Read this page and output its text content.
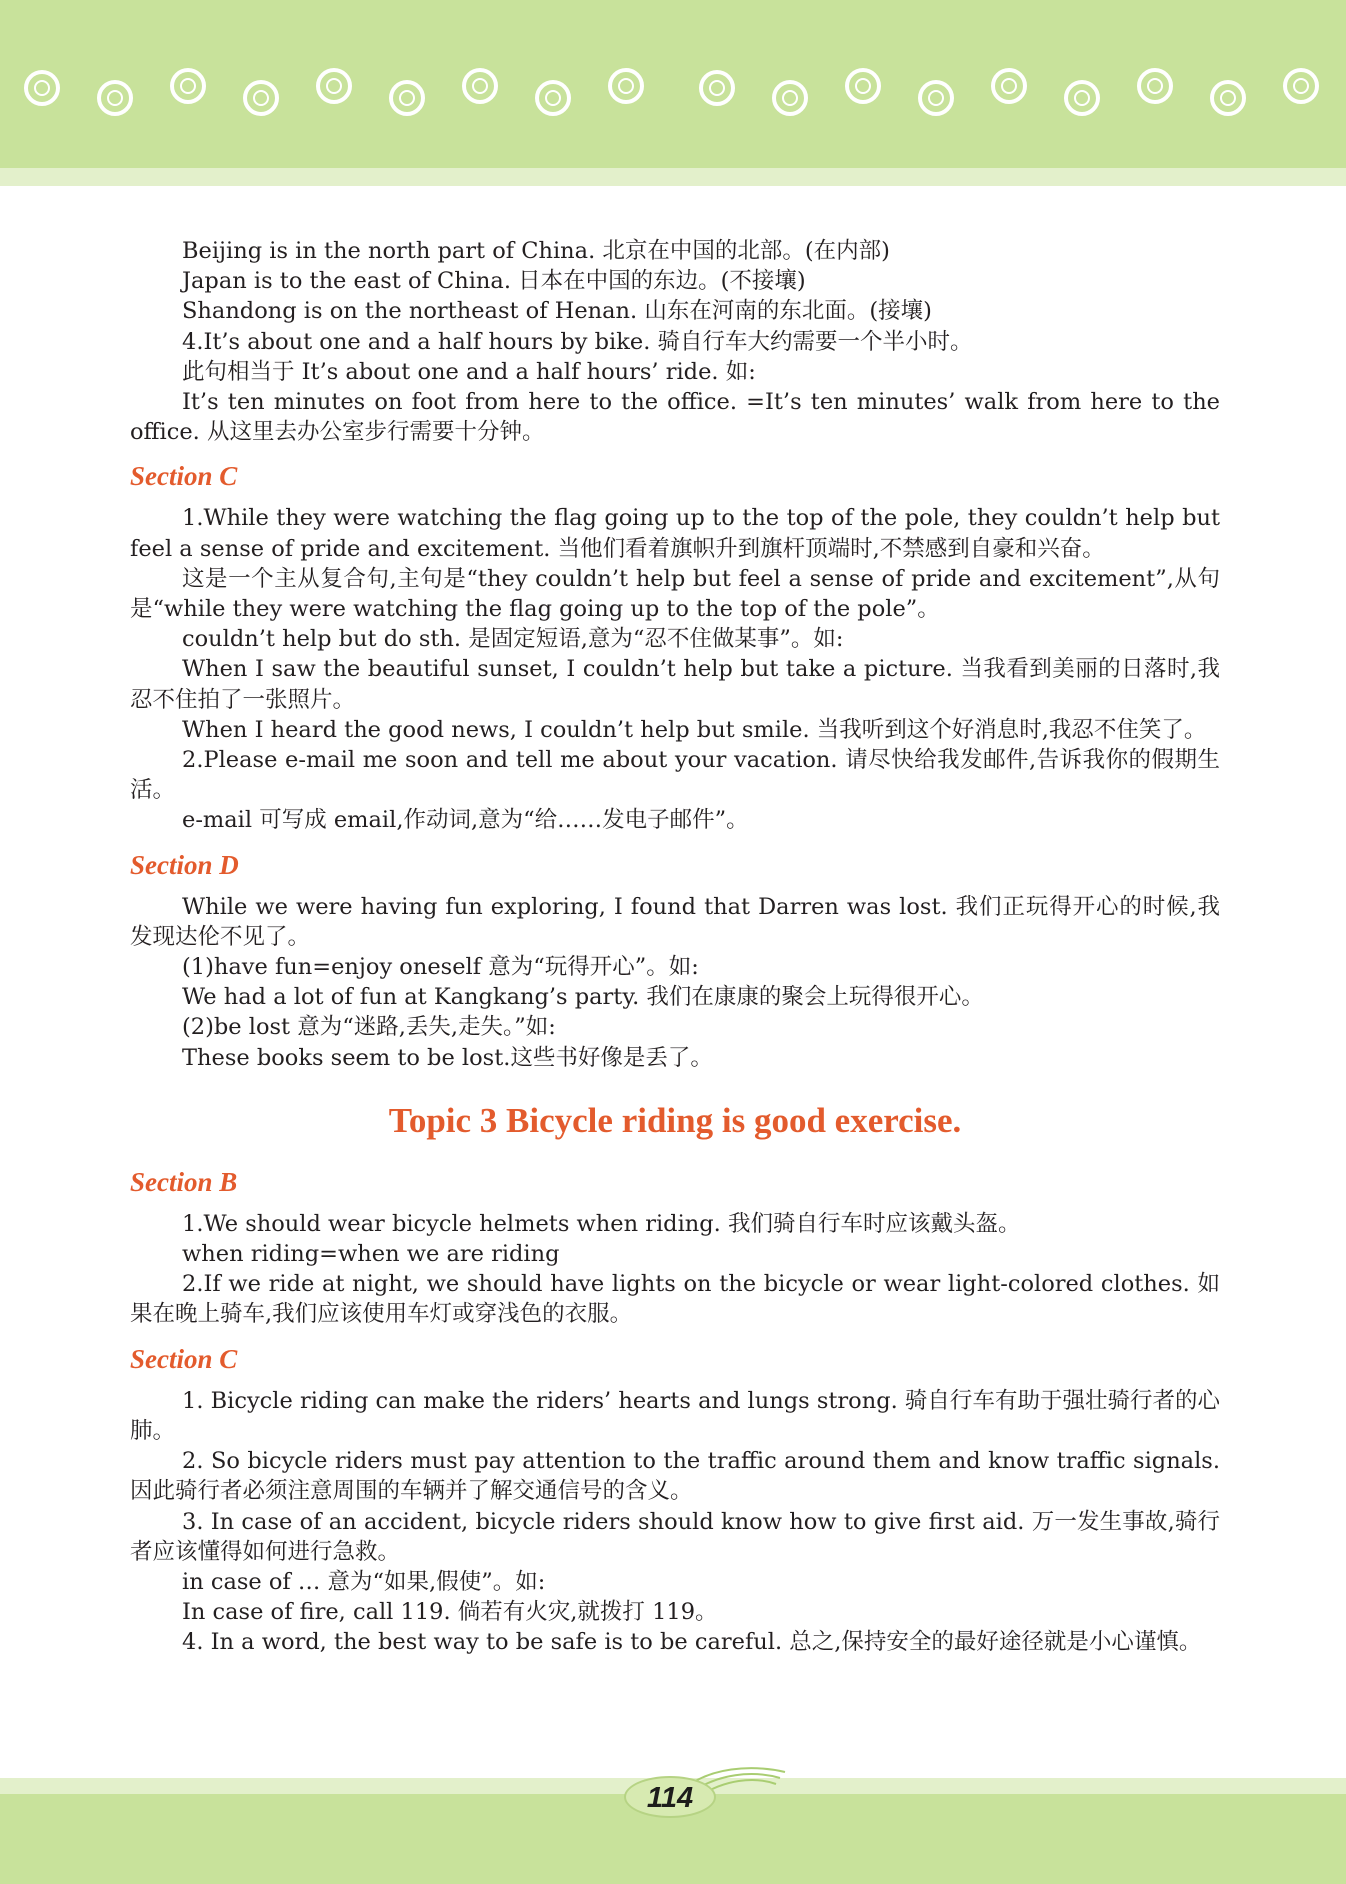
Beijing is in the north part of China. 北京在中国的北部。(在内部)

Japan is to the east of China. 日本在中国的东边。(不接壤)

Shandong is on the northeast of Henan. 山东在河南的东北面。(接壤)

4.It’s about one and a half hours by bike. 骑自行车大约需要一个半小时。

此句相当于 It’s about one and a half hours’ ride. 如:

It’s ten minutes on foot from here to the office. =It’s ten minutes’ walk from here to the office. 从这里去办公室步行需要十分钟。

Section C

1.While they were watching the flag going up to the top of the pole, they couldn’t help but feel a sense of pride and excitement. 当他们看着旗帜升到旗杆顶端时,不禁感到自豪和兴奋。

这是一个主从复合句,主句是“they couldn’t help but feel a sense of pride and excitement”,从句是“while they were watching the flag going up to the top of the pole”。

couldn’t help but do sth. 是固定短语,意为“忍不住做某事”。如:

When I saw the beautiful sunset, I couldn’t help but take a picture. 当我看到美丽的日落时,我忍不住拍了一张照片。

When I heard the good news, I couldn’t help but smile. 当我听到这个好消息时,我忍不住笑了。

2.Please e-mail me soon and tell me about your vacation. 请尽快给我发邮件,告诉我你的假期生活。

e-mail 可写成 email,作动词,意为“给……发电子邮件”。

Section D

While we were having fun exploring, I found that Darren was lost. 我们正玩得开心的时候,我发现达伦不见了。

(1)have fun=enjoy oneself 意为“玩得开心”。如:

We had a lot of fun at Kangkang’s party. 我们在康康的聚会上玩得很开心。

(2)be lost 意为“迷路,丢失,走失。”如:

These books seem to be lost.这些书好像是丢了。

Topic 3 Bicycle riding is good exercise.
Section B

1.We should wear bicycle helmets when riding. 我们骑自行车时应该戴头盔。

when riding=when we are riding

2.If we ride at night, we should have lights on the bicycle or wear light-colored clothes. 如果在晚上骑车,我们应该使用车灯或穿浅色的衣服。

Section C

1. Bicycle riding can make the riders’ hearts and lungs strong. 骑自行车有助于强壮骑行者的心肺。

2. So bicycle riders must pay attention to the traffic around them and know traffic signals. 因此骑行者必须注意周围的车辆并了解交通信号的含义。

3. In case of an accident, bicycle riders should know how to give first aid. 万一发生事故,骑行者应该懂得如何进行急救。

in case of … 意为“如果,假使”。如:

In case of fire, call 119. 倘若有火灾,就拨打 119。

4. In a word, the best way to be safe is to be careful. 总之,保持安全的最好途径就是小心谨慎。

114
